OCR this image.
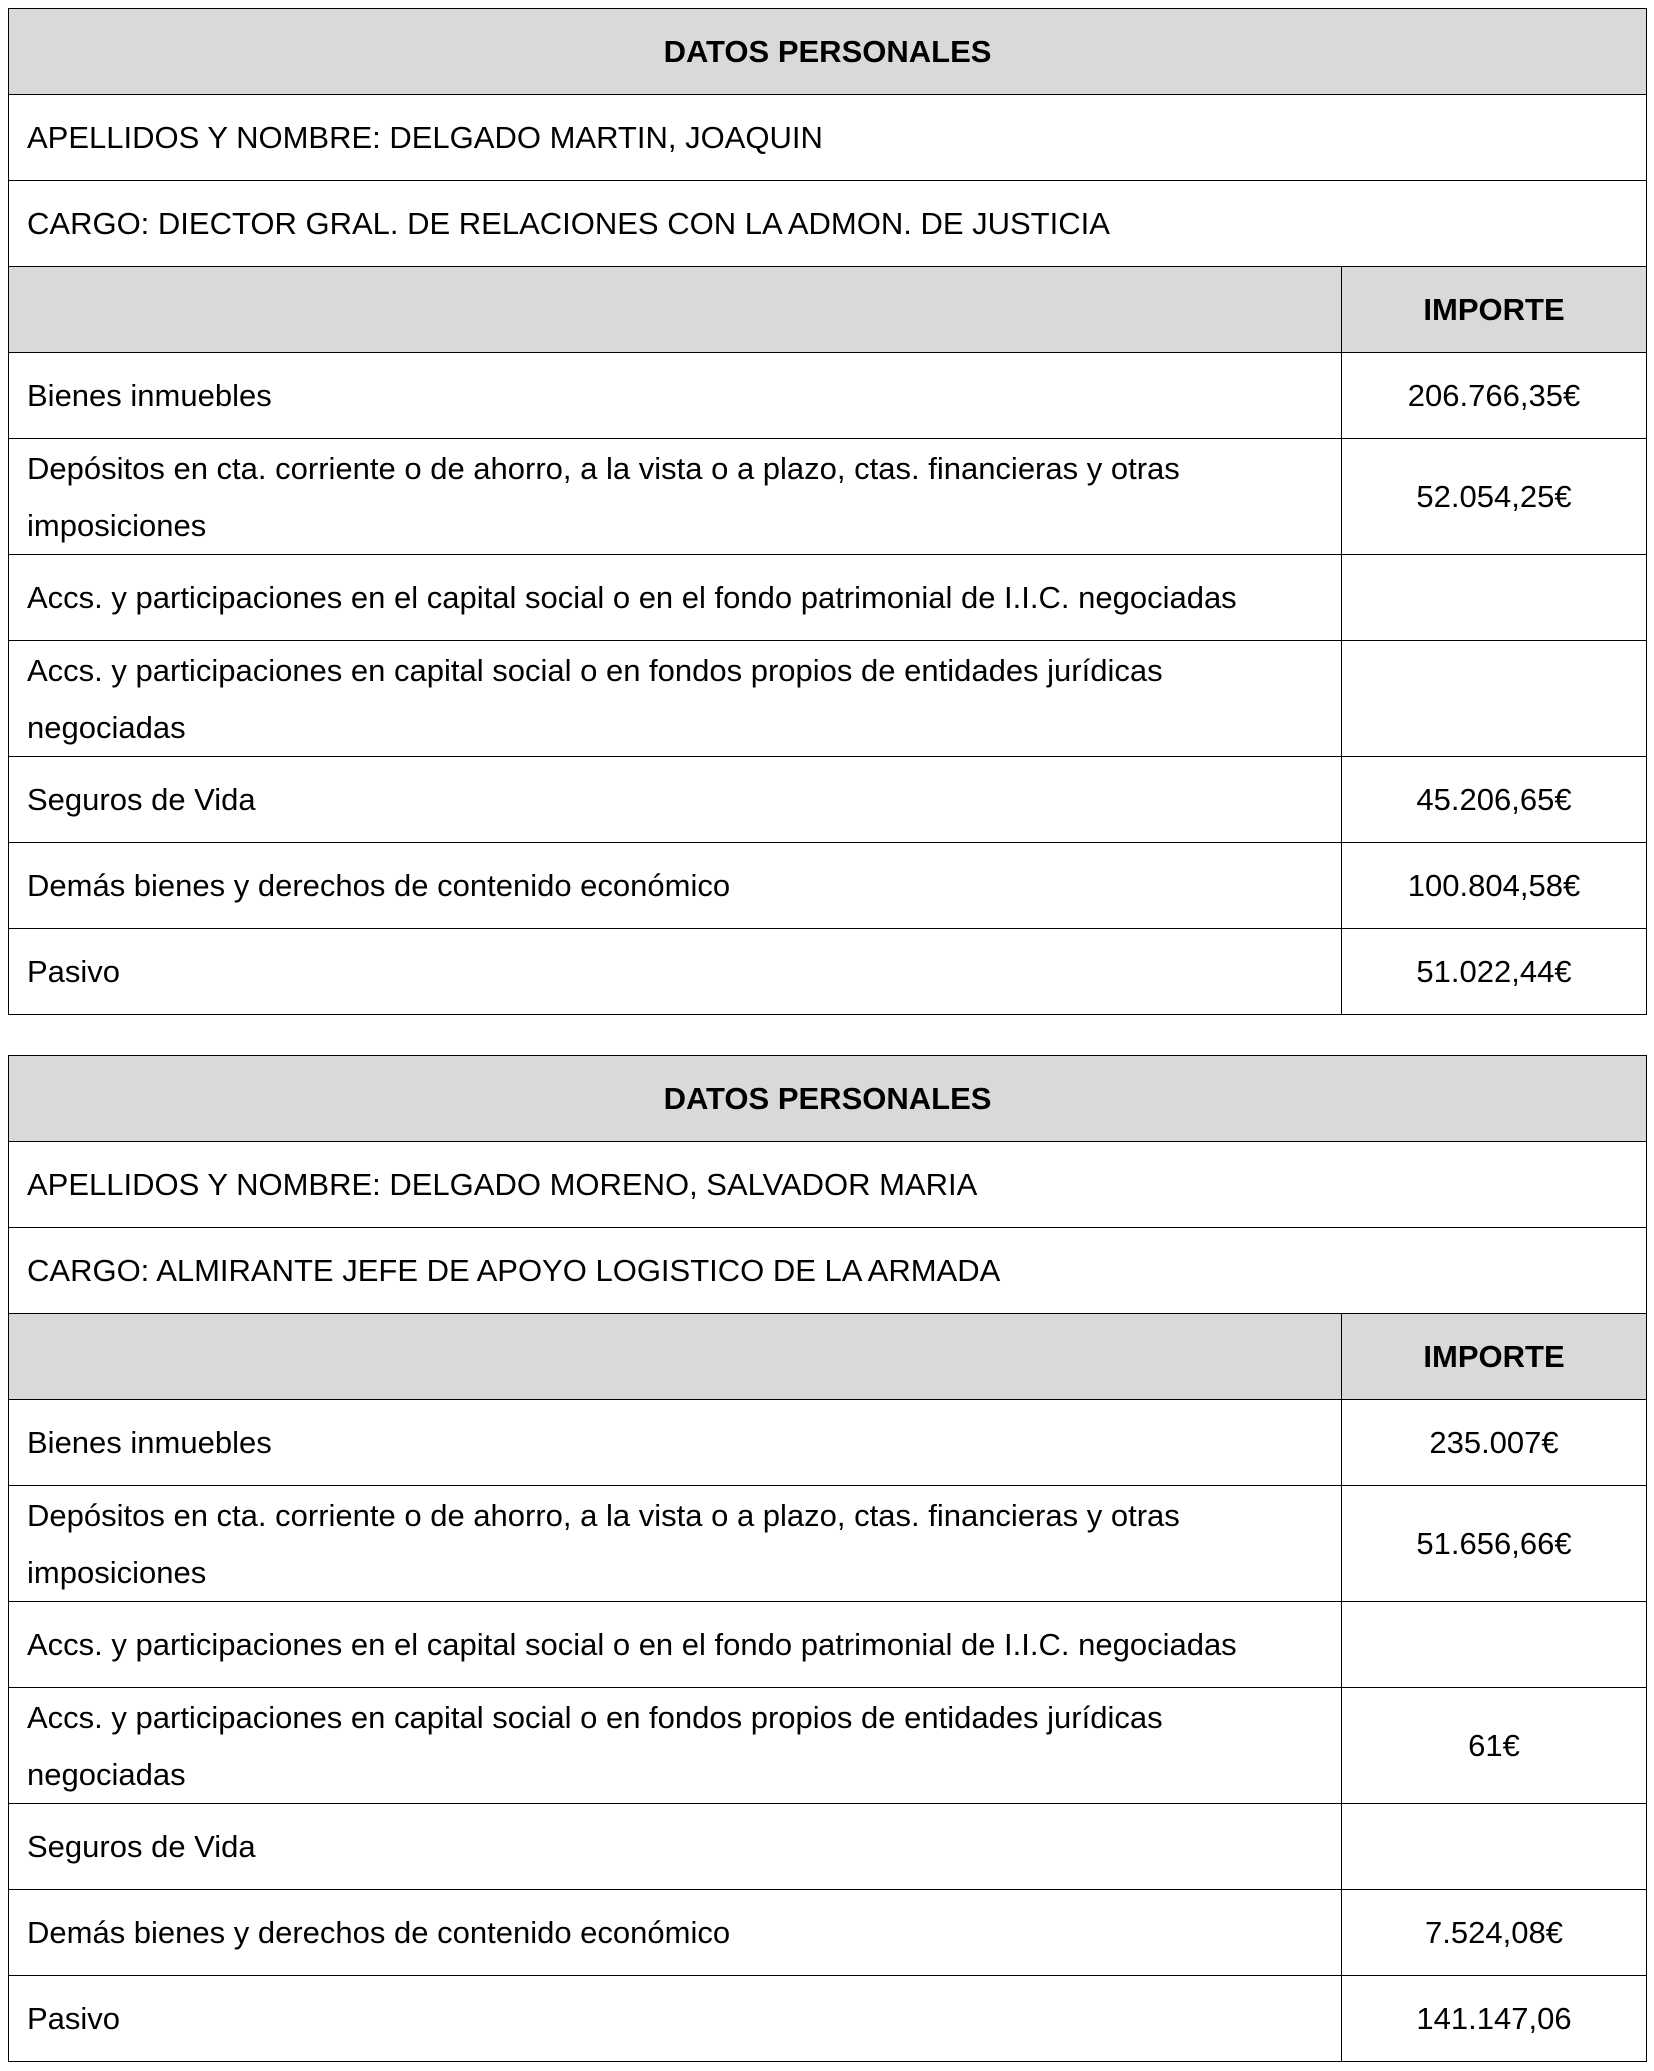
DATOS PERSONALES	
APELLIDOS Y NOMBRE: DELGADO MARTIN, JOAQUIN	
CARGO: DIECTOR GRAL. DE RELACIONES CON LA ADMON. DE JUSTICIA	
	IMPORTE
Bienes inmuebles	206.766,35€
Depósitos en cta. corriente o de ahorro, a la vista o a plazo, ctas. financieras y otras imposiciones	52.054,25€
Accs. y participaciones en el capital social o en el fondo patrimonial de I.I.C. negociadas	
Accs. y participaciones en capital social o en fondos propios de entidades jurídicas negociadas	
Seguros de Vida	45.206,65€
Demás bienes y derechos de contenido económico	100.804,58€
Pasivo	51.022,44€
DATOS PERSONALES	
APELLIDOS Y NOMBRE: DELGADO MORENO, SALVADOR MARIA	
CARGO: ALMIRANTE JEFE DE APOYO LOGISTICO DE LA ARMADA	
	IMPORTE
Bienes inmuebles	235.007€
Depósitos en cta. corriente o de ahorro, a la vista o a plazo, ctas. financieras y otras imposiciones	51.656,66€
Accs. y participaciones en el capital social o en el fondo patrimonial de I.I.C. negociadas	
Accs. y participaciones en capital social o en fondos propios de entidades jurídicas negociadas	61€
Seguros de Vida	
Demás bienes y derechos de contenido económico	7.524,08€
Pasivo	141.147,06
